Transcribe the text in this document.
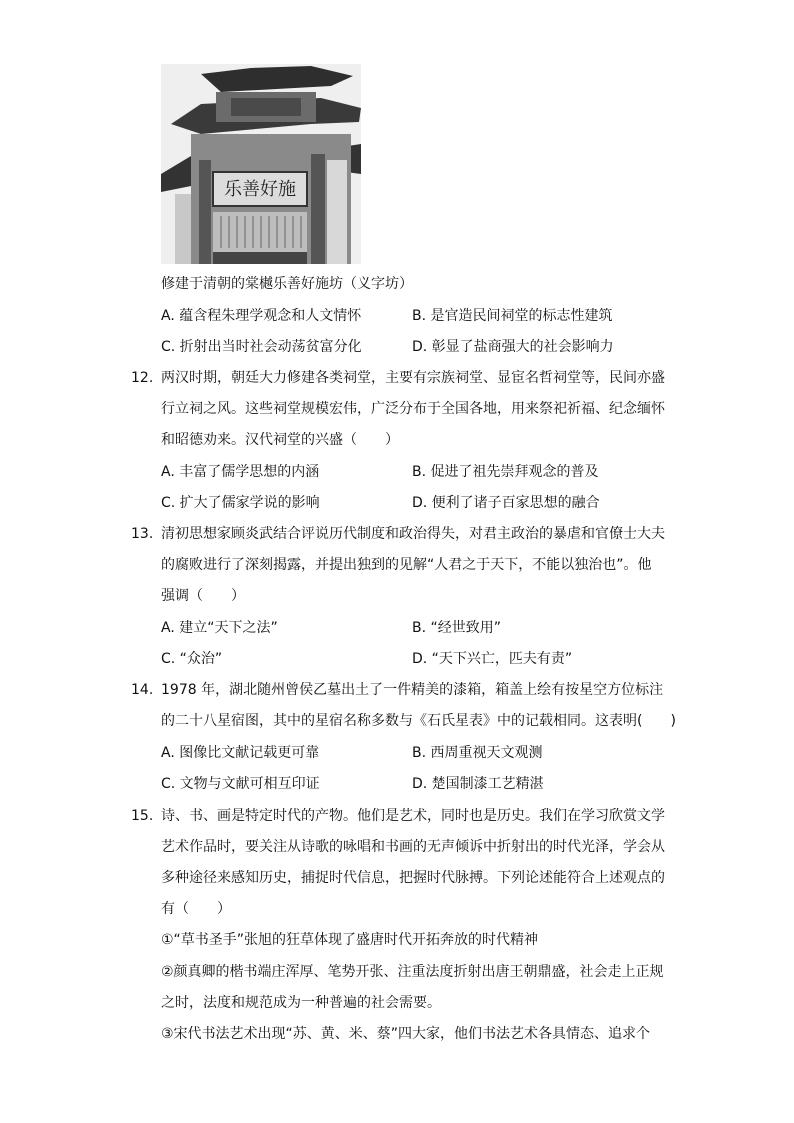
乐善好施
修建于清朝的棠樾乐善好施坊（义字坊）
A. 蕴含程朱理学观念和人文情怀	B. 是官造民间祠堂的标志性建筑
C. 折射出当时社会动荡贫富分化	D. 彰显了盐商强大的社会影响力
12. 两汉时期，朝廷大力修建各类祠堂，主要有宗族祠堂、显宦名哲祠堂等，民间亦盛
行立祠之风。这些祠堂规模宏伟，广泛分布于全国各地，用来祭祀祈福、纪念缅怀
和昭德劝来。汉代祠堂的兴盛（　　）
A. 丰富了儒学思想的内涵	B. 促进了祖先崇拜观念的普及
C. 扩大了儒家学说的影响	D. 便利了诸子百家思想的融合
13. 清初思想家顾炎武结合评说历代制度和政治得失，对君主政治的暴虐和官僚士大夫
的腐败进行了深刻揭露，并提出独到的见解“人君之于天下，不能以独治也”。他
强调（　　）
A. 建立“天下之法”	B. “经世致用”
C. “众治”	D. “天下兴亡，匹夫有责”
14. 1978 年，湖北随州曾侯乙墓出土了一件精美的漆箱，箱盖上绘有按星空方位标注
的二十八星宿图，其中的星宿名称多数与《石氏星表》中的记载相同。这表明(　　)
A. 图像比文献记载更可靠	B. 西周重视天文观测
C. 文物与文献可相互印证	D. 楚国制漆工艺精湛
15. 诗、书、画是特定时代的产物。他们是艺术，同时也是历史。我们在学习欣赏文学
艺术作品时，要关注从诗歌的咏唱和书画的无声倾诉中折射出的时代光泽，学会从
多种途径来感知历史，捕捉时代信息，把握时代脉搏。下列论述能符合上述观点的
有（　　）
①“草书圣手”张旭的狂草体现了盛唐时代开拓奔放的时代精神
②颜真卿的楷书端庄浑厚、笔势开张、注重法度折射出唐王朝鼎盛，社会走上正规
之时，法度和规范成为一种普遍的社会需要。
③宋代书法艺术出现“苏、黄、米、蔡”四大家，他们书法艺术各具情态、追求个
